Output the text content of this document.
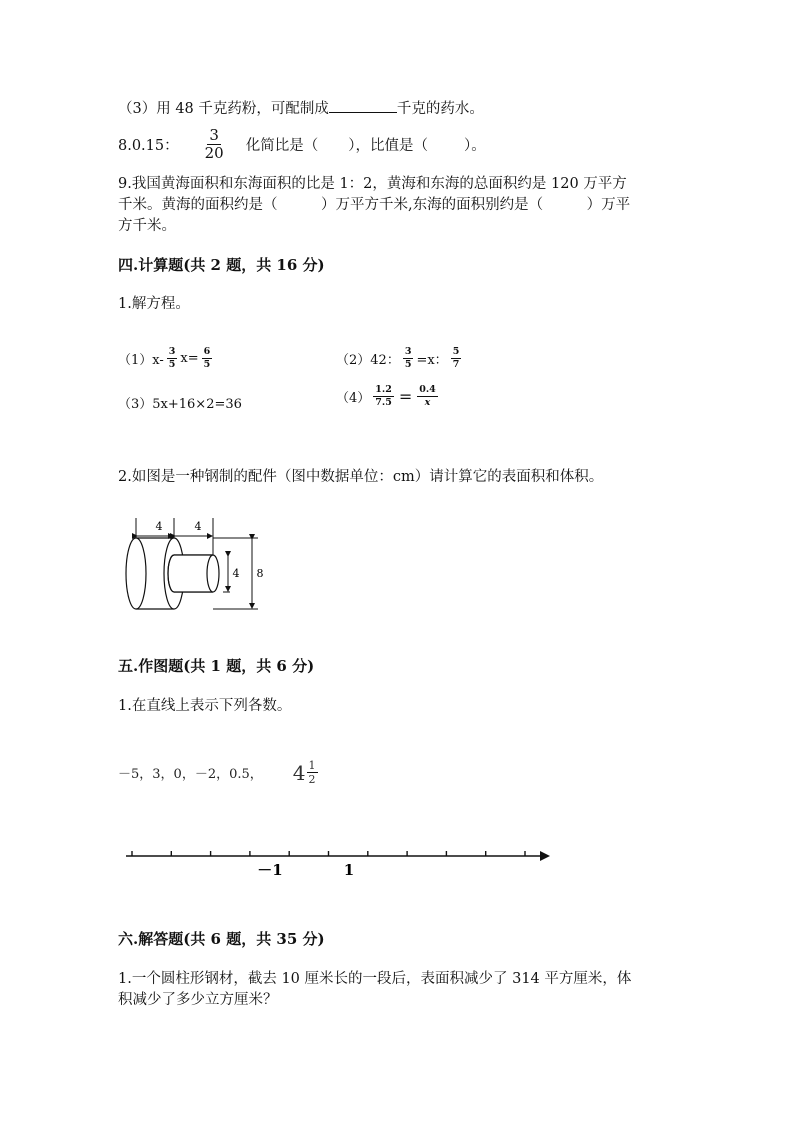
（3）用 48 千克药粉，可配制成	千克的药水。
8.0.15： $\frac{3}{20}$ 化简比是（ ），比值是（ ）。
9.我国黄海面积和东海面积的比是 1：2，黄海和东海的总面积约是 120 万平方
千米。黄海的面积约是（　　　）万平方千米,东海的面积别约是（　　　）万平
方千米。
四.计算题(共 2 题，共 16 分)
1.解方程。
$(1)x- \frac{3}{5} x= \frac{6}{5}$	（2）42： $\frac{3}{5} =x$： $\frac{5}{7}$
（3）5x+16×2=36	$(4) \frac{1.2}{7.5} = \frac{0.4}{x}$
2.如图是一种钢制的配件（图中数据单位：cm）请计算它的表面积和体积。
4	4
4 8
五.作图题(共 1 题，共 6 分)
1.在直线上表示下列各数。
－5，3，0，－2，0.5， $4 \frac{1}{2}$
－1	1
六.解答题(共 6 题，共 35 分)
1.一个圆柱形钢材，截去 10 厘米长的一段后，表面积减少了 314 平方厘米，体
积减少了多少立方厘米？
